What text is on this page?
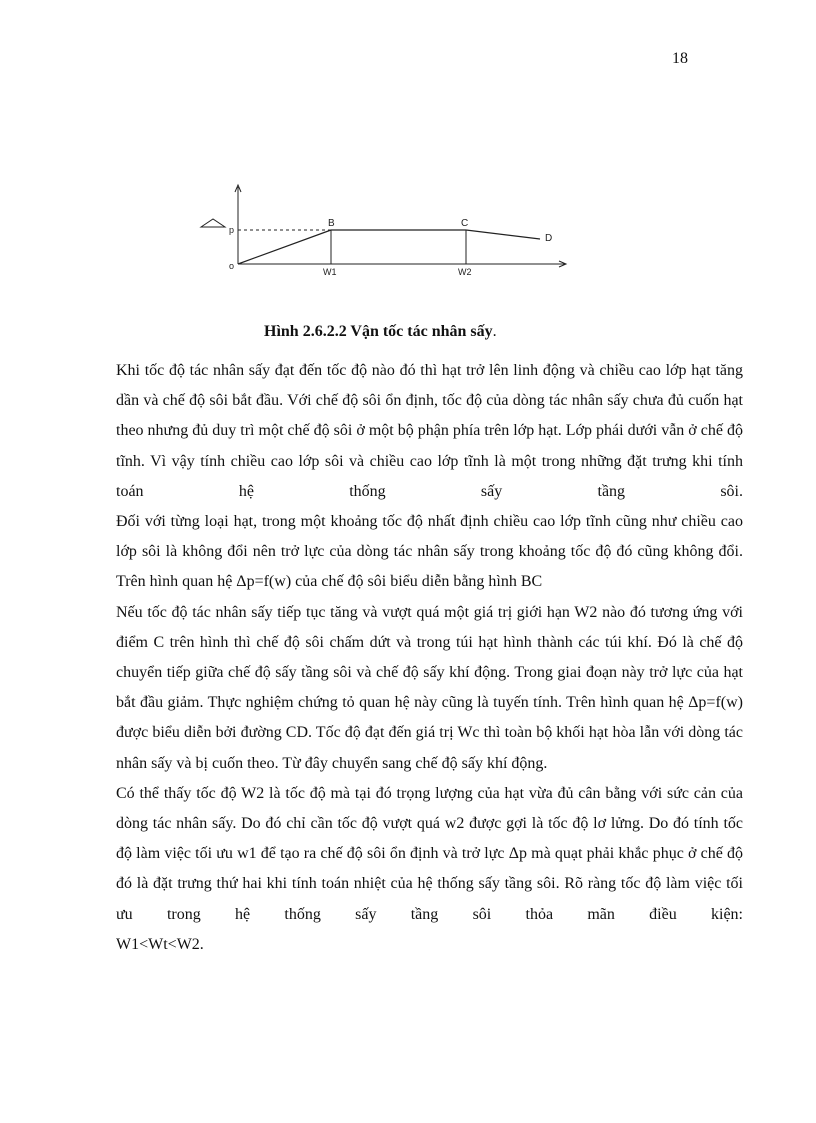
18
p
o
B	C
D
W1	W2
Hình 2.6.2.2 Vận tốc tác nhân sấy.

Khi tốc độ tác nhân sấy đạt đến tốc độ nào đó thì hạt trở lên linh động và chiều cao lớp hạt tăng dần và chế độ sôi bắt đầu. Với chế độ sôi ổn định, tốc độ của dòng tác nhân sấy chưa đủ cuốn hạt theo nhưng đủ duy trì một chế độ sôi ở một bộ phận phía trên lớp hạt. Lớp phái dưới vẫn ở chế độ tĩnh. Vì vậy tính chiều cao lớp sôi và chiều cao lớp tĩnh là một trong những đặt trưng khi tính toán hệ thống sấy tầng sôi.

Đối với từng loại hạt, trong một khoảng tốc độ nhất định chiều cao lớp tĩnh cũng như chiều cao lớp sôi là không đổi nên trở lực của dòng tác nhân sấy trong khoảng tốc độ đó cũng không đổi. Trên hình quan hệ Δp=f(w) của chế độ sôi biểu diễn bằng hình BC

Nếu tốc độ tác nhân sấy tiếp tục tăng và vượt quá một giá trị giới hạn W2 nào đó tương ứng với điểm C trên hình thì chế độ sôi chấm dứt và trong túi hạt hình thành các túi khí. Đó là chế độ chuyển tiếp giữa chế độ sấy tầng sôi và chế độ sấy khí động. Trong giai đoạn này trở lực của hạt bắt đầu giảm. Thực nghiệm chứng tỏ quan hệ này cũng là tuyến tính. Trên hình quan hệ Δp=f(w) được biểu diễn bởi đường CD. Tốc độ đạt đến giá trị Wc thì toàn bộ khối hạt hòa lẫn với dòng tác nhân sấy và bị cuốn theo. Từ đây chuyển sang chế độ sấy khí động.

Có thể thấy tốc độ W2 là tốc độ mà tại đó trọng lượng của hạt vừa đủ cân bằng với sức cản của dòng tác nhân sấy. Do đó chỉ cần tốc độ vượt quá w2 được gợi là tốc độ lơ lửng. Do đó tính tốc độ làm việc tối ưu w1 để tạo ra chế độ sôi ổn định và trở lực Δp mà quạt phải khắc phục ở chế độ đó là đặt trưng thứ hai khi tính toán nhiệt của hệ thống sấy tầng sôi. Rõ ràng tốc độ làm việc tối ưu trong hệ thống sấy tầng sôi thỏa mãn điều kiện:

W1<Wt<W2.
